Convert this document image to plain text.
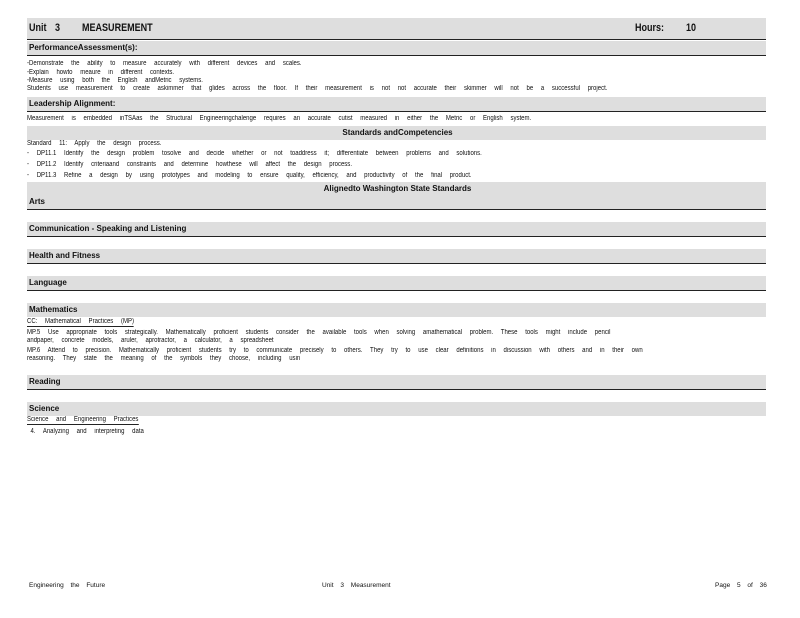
Unit 3 MEASUREMENT	Hours: 10
PerformanceAssessment(s):
-Demonstrate the ability to measure accurately with different devices and scales.
-Explain howto meaure in different contexts.
-Measure using both the English andMetric systems.
Students use measurement to create askimmer that glides across the floor. If their measurement is not not accurate their skimmer will not be a successful project.
Leadership Alignment:
Measurement is embedded inTSAas the Structural Engineeringchalenge requires an accurate cutist measured in either the Metric or English system.
Standards andCompetencies
Standard 11: Apply the design process.
- DP11.1 Identify the design problem tosolve and decide whether or not toaddress it; differentiate between problems and solutions.
- DP11.2 Identify criteriaand constraints and determine howthese will affect the design process.
- DP11.3 Refine a design by using prototypes and modeling to ensure quality, efficiency, and productivity of the final product.
Alignedto Washington State Standards
Arts
Communication - Speaking and Listening
Health and Fitness
Language
Mathematics
CC: Mathematical Practices (MP)
MP.5 Use appropriate tools strategically. Mathematically proficient students consider the available tools when solving amathematical problem. These tools might include pencil
andpaper, concrete models, aruler, aprotractor, a calculator, a spreadsheet
MP.6 Attend to precision. Mathematically proficient students try to communicate precisely to others. They try to use clear definitions in discussion with others and in their own
reasoning. They state the meaning of the symbols they choose, including usin
Reading
Science
Science and Engineering Practices
4. Analyzing and interpreting data
Engineering the Future	Unit 3 Measurement	Page 5 of 36
